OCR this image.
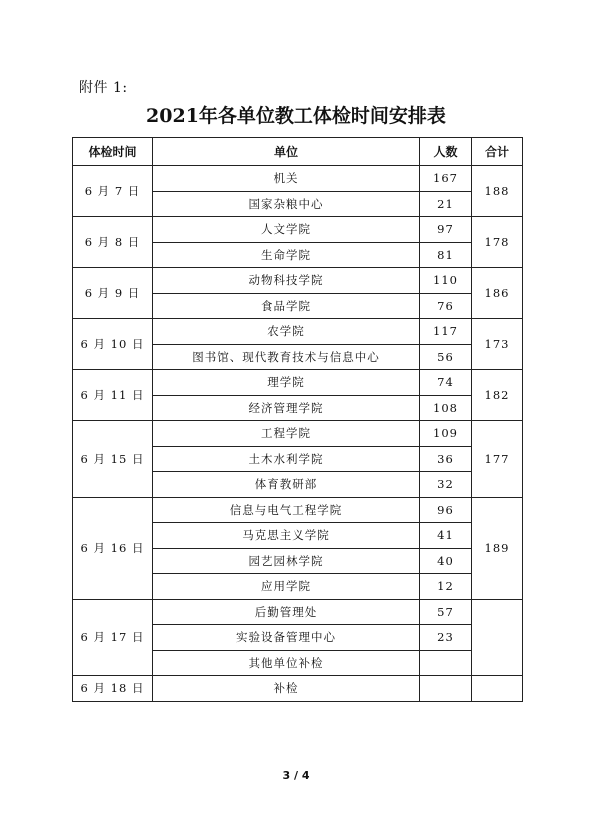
附件 1:
2021年各单位教工体检时间安排表
体检时间	单位	人数	合计
6 月 7 日	机关	167	188
	国家杂粮中心	21	
6 月 8 日	人文学院	97	178
	生命学院	81	
6 月 9 日	动物科技学院	110	186
	食品学院	76	
6 月 10 日	农学院	117	173
	图书馆、现代教育技术与信息中心	56	
6 月 11 日	理学院	74	182
	经济管理学院	108	
6 月 15 日	工程学院	109	177
	土木水利学院	36	
	体育教研部	32	
6 月 16 日	信息与电气工程学院	96	189
	马克思主义学院	41	
	园艺园林学院	40	
	应用学院	12	
6 月 17 日	后勤管理处	57	
	实验设备管理中心	23	
	其他单位补检		
6 月 18 日	补检		
3 / 4
